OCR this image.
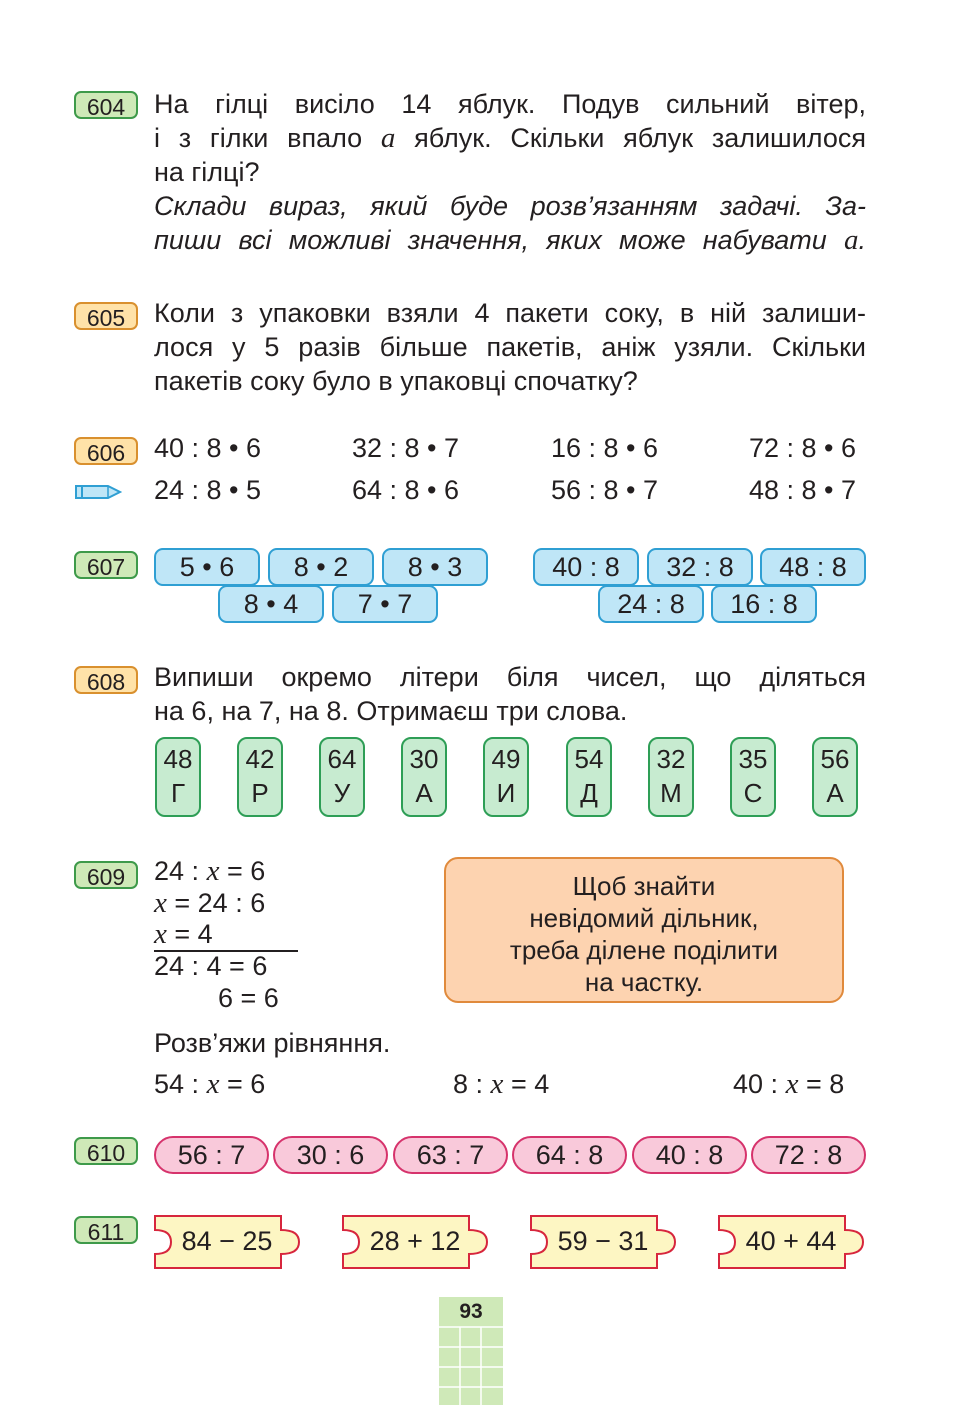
604	На гілці висіло 14 яблук. Подув сильний вітер,
і з гілки впало a яблук. Скільки яблук залишилося
на гілці?
Склади вираз, який буде розв’язанням задачі. За-
пиши всі можливі значення, яких може набувати a.
605	Коли з упаковки взяли 4 пакети соку, в ній залиши-
лося у 5 разів більше пакетів, аніж узяли. Скільки
пакетів соку було в упаковці спочатку?
606	40 : 8 • 6	32 : 8 • 7	16 : 8 • 6	72 : 8 • 6
24 : 8 • 5	64 : 8 • 6	56 : 8 • 7	48 : 8 • 7
607	5 • 6	8 • 2	8 • 3
8 • 4	7 • 7
40 : 8	32 : 8	48 : 8
24 : 8	16 : 8
608	Випиши окремо літери біля чисел, що діляться
на 6, на 7, на 8. Отримаєш три слова.
48
Г
42
Р
64
У
30
А
49
И
54
Д
32
М
35
С
56
А
609	24 : x = 6
x = 24 : 6
x = 4
24 : 4 = 6
6 = 6
Щоб знайти
невідомий дільник,
треба ділене поділити
на частку.
Розв’яжи рівняння.
54 : x = 6	8 : x = 4	40 : x = 8
610	56 : 7	30 : 6	63 : 7	64 : 8	40 : 8	72 : 8
611	84 − 25	28 + 12	59 − 31	40 + 44
93
